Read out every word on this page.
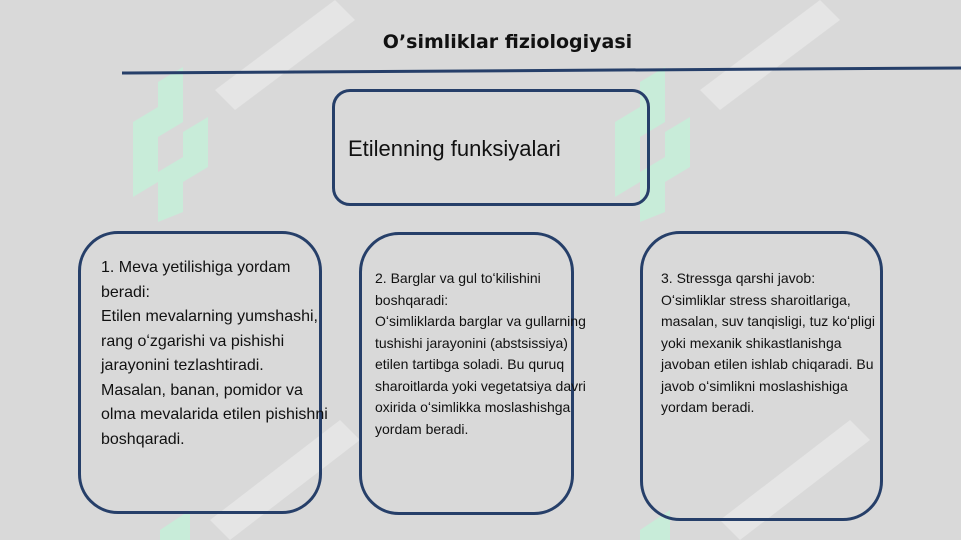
O’simliklar fiziologiyasi
Etilenning funksiyalari
1. Meva yetilishiga yordam beradi:
Etilen mevalarning yumshashi, rang oʻzgarishi va pishishi jarayonini tezlashtiradi. Masalan, banan, pomidor va olma mevalarida etilen pishishni boshqaradi.
2. Barglar va gul toʻkilishini boshqaradi:
Oʻsimliklarda barglar va gullarning tushishi jarayonini (abstsissiya) etilen tartibga soladi. Bu quruq sharoitlarda yoki vegetatsiya davri oxirida oʻsimlikka moslashishga yordam beradi.
3. Stressga qarshi javob:
Oʻsimliklar stress sharoitlariga, masalan, suv tanqisligi, tuz koʻpligi yoki mexanik shikastlanishga javoban etilen ishlab chiqaradi. Bu javob oʻsimlikni moslashishiga yordam beradi.
